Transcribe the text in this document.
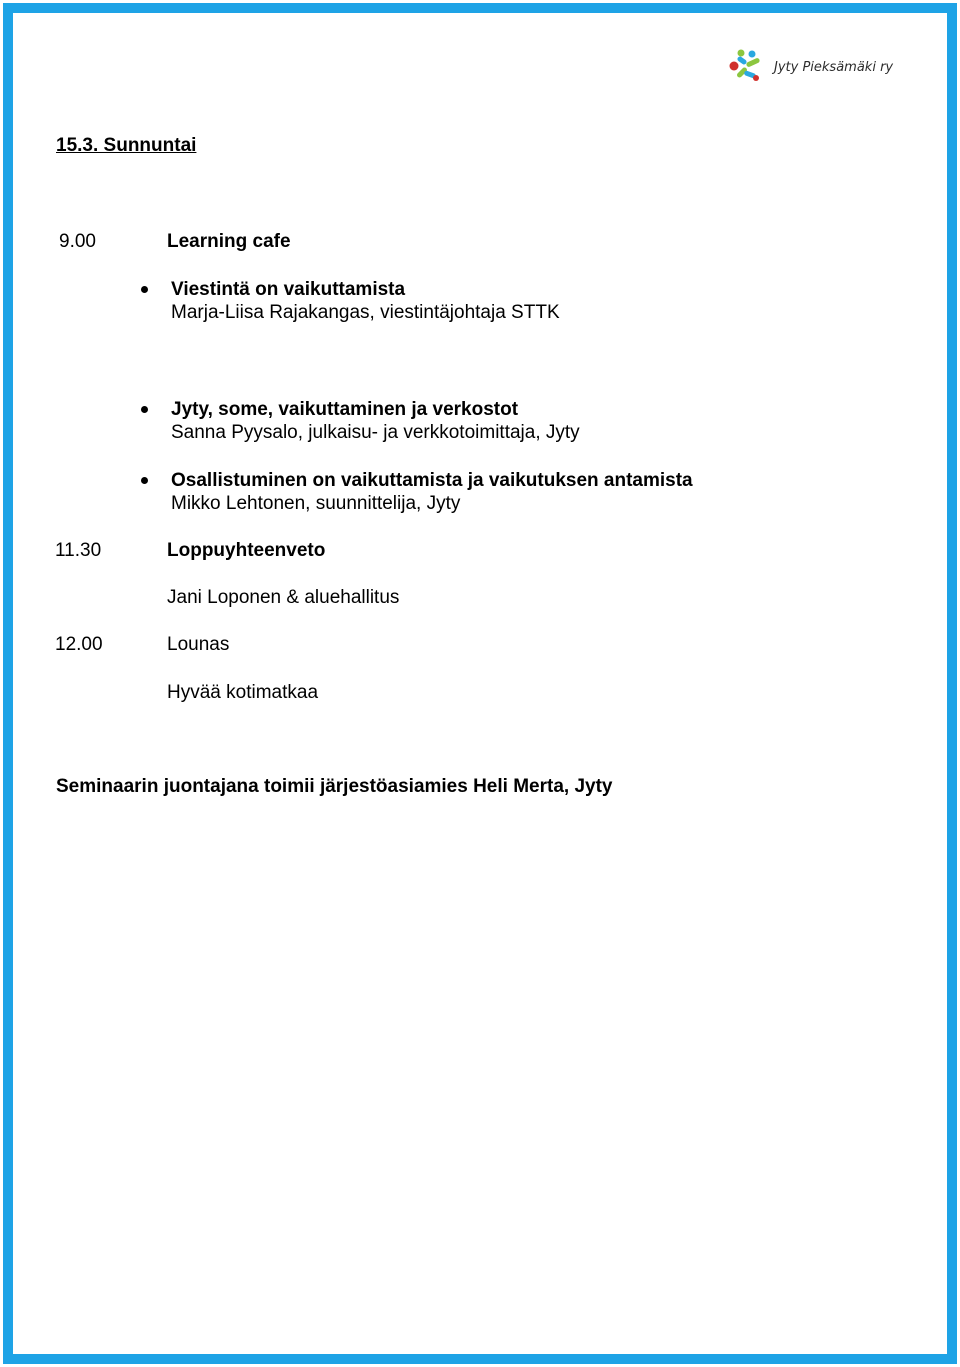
Jyty Pieksämäki ry
15.3. Sunnuntai
9.00	Learning cafe
Viestintä on vaikuttamista
Marja-Liisa Rajakangas, viestintäjohtaja STTK
Jyty, some, vaikuttaminen ja verkostot
Sanna Pyysalo, julkaisu- ja verkkotoimittaja, Jyty
Osallistuminen on vaikuttamista ja vaikutuksen antamista
Mikko Lehtonen, suunnittelija, Jyty
11.30	Loppuyhteenveto
Jani Loponen & aluehallitus
12.00	Lounas
Hyvää kotimatkaa
Seminaarin juontajana toimii järjestöasiamies Heli Merta, Jyty
